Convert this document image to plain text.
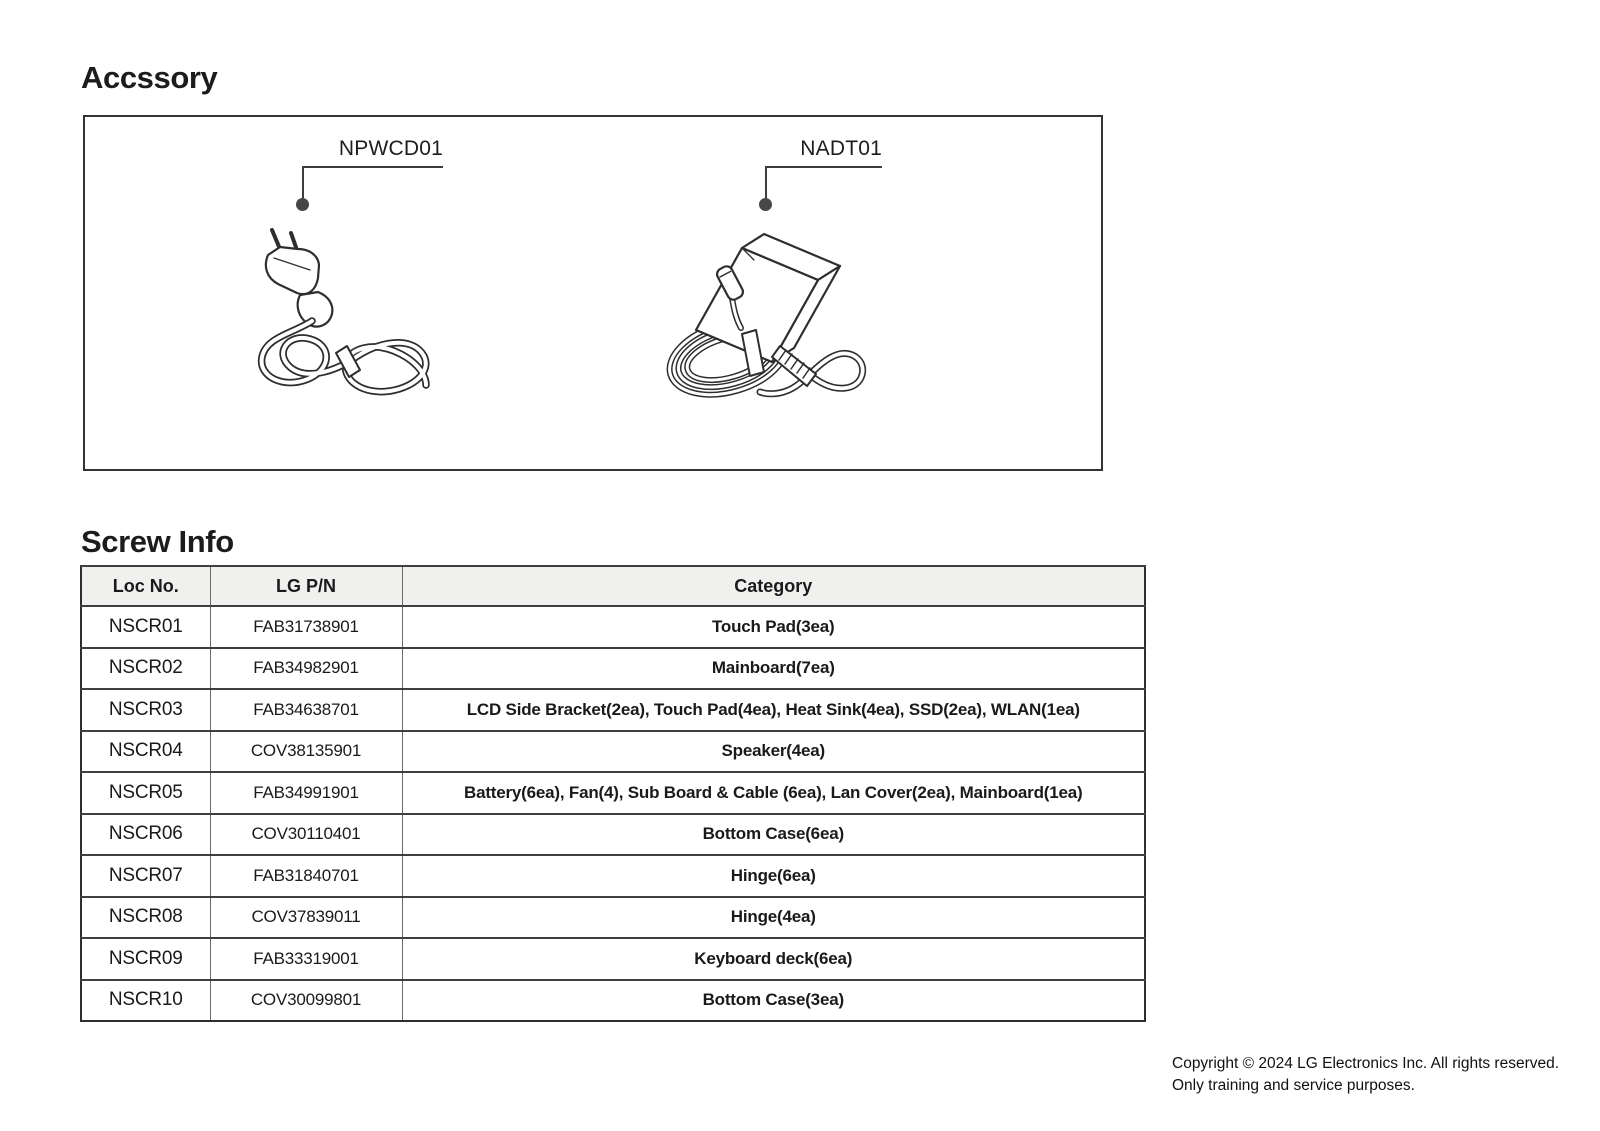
Accssory
NPWCD01	NADT01
Screw Info
Loc No.	LG P/N	Category
NSCR01	FAB31738901	Touch Pad(3ea)
NSCR02	FAB34982901	Mainboard(7ea)
NSCR03	FAB34638701	LCD Side Bracket(2ea), Touch Pad(4ea), Heat Sink(4ea), SSD(2ea), WLAN(1ea)
NSCR04	COV38135901	Speaker(4ea)
NSCR05	FAB34991901	Battery(6ea), Fan(4), Sub Board & Cable (6ea), Lan Cover(2ea), Mainboard(1ea)
NSCR06	COV30110401	Bottom Case(6ea)
NSCR07	FAB31840701	Hinge(6ea)
NSCR08	COV37839011	Hinge(4ea)
NSCR09	FAB33319001	Keyboard deck(6ea)
NSCR10	COV30099801	Bottom Case(3ea)
Copyright © 2024 LG Electronics Inc. All rights reserved.
Only training and service purposes.
